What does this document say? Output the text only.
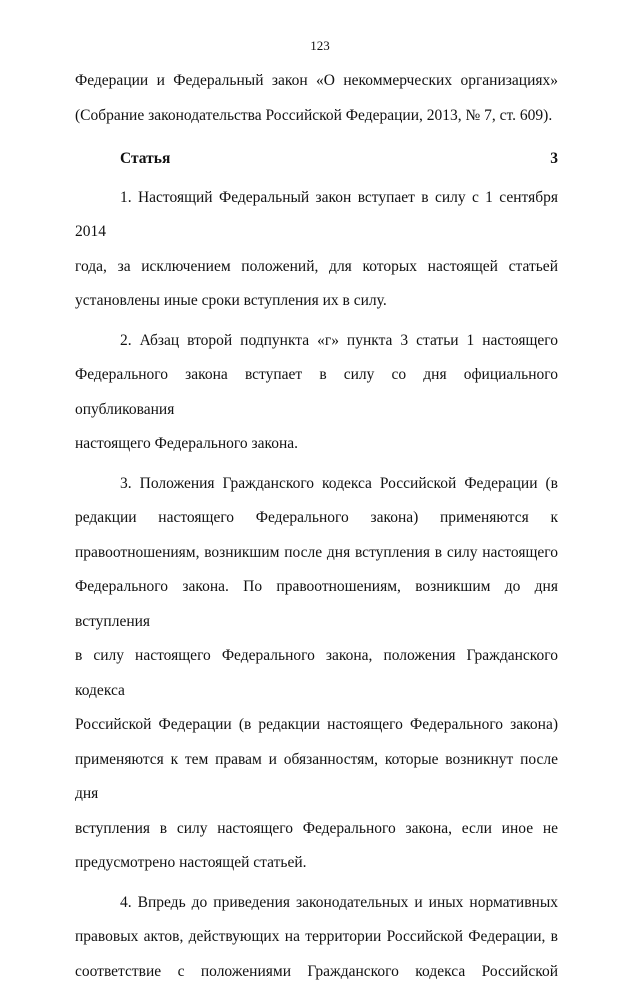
123

Федерации и Федеральный закон «О некоммерческих организациях»

(Собрание законодательства Российской Федерации, 2013, № 7, ст. 609).

Статья 3

1. Настоящий Федеральный закон вступает в силу с 1 сентября 2014

года, за исключением положений, для которых настоящей статьей

установлены иные сроки вступления их в силу.

2. Абзац второй подпункта «г» пункта 3 статьи 1 настоящего

Федерального закона вступает в силу со дня официального опубликования

настоящего Федерального закона.

3. Положения Гражданского кодекса Российской Федерации (в

редакции настоящего Федерального закона) применяются к

правоотношениям, возникшим после дня вступления в силу настоящего

Федерального закона. По правоотношениям, возникшим до дня вступления

в силу настоящего Федерального закона, положения Гражданского кодекса

Российской Федерации (в редакции настоящего Федерального закона)

применяются к тем правам и обязанностям, которые возникнут после дня

вступления в силу настоящего Федерального закона, если иное не

предусмотрено настоящей статьей.

4. Впредь до приведения законодательных и иных нормативных

правовых актов, действующих на территории Российской Федерации, в

соответствие с положениями Гражданского кодекса Российской
